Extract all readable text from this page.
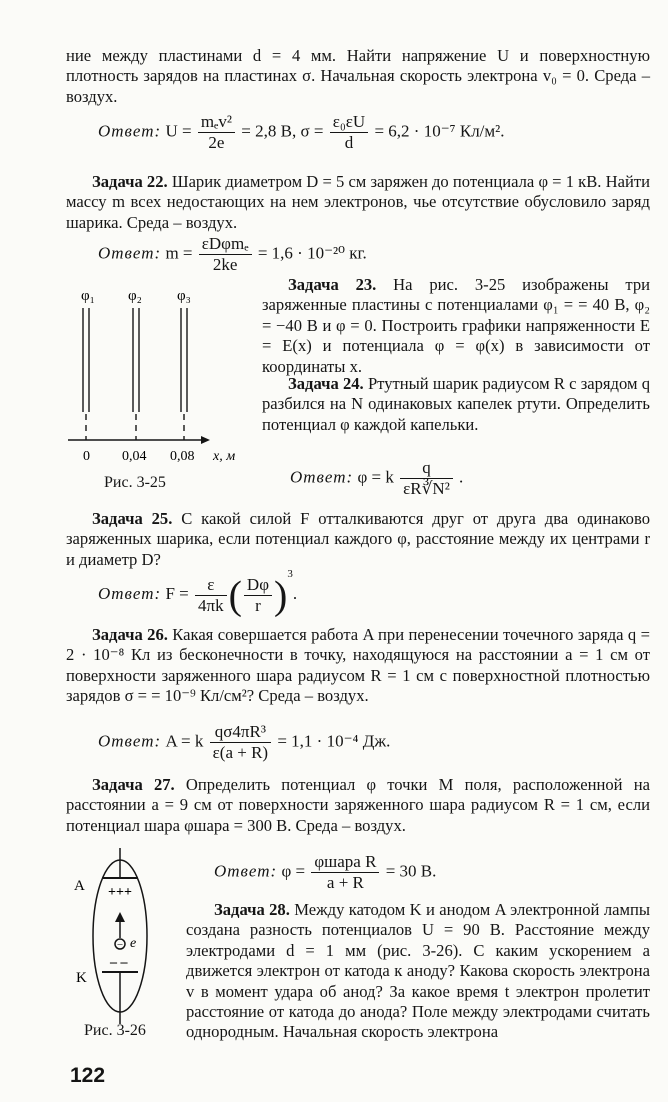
ние между пластинами d = 4 мм. Найти напряжение U и поверхностную плотность зарядов на пластинах σ. Начальная скорость электрона v₀ = 0. Среда – воздух.
Ответ: $U = \frac{\text{mₑv²}}{2e} = 2,8$ В, $\sigma = \frac{\text{ε₀εU}}{d} = 6,2 \cdot 10^{-7}$ Кл/м².
Задача 22. Шарик диаметром D = 5 см заряжен до потенциала φ = 1 кВ. Найти массу m всех недостающих на нем электронов, чье отсутствие обусловило заряд шарика. Среда – воздух.
Ответ: $m = \frac{\text{εDφmₑ}}{2ke} = 1,6 \cdot 10^{-20}$ кг.
φ₁ φ₂ φ₃
0 0,04 0,08 x, м
Рис. 3-25
Задача 23. На рис. 3-25 изображены три заряженные пластины с потенциалами φ₁ = = 40 В, φ₂ = −40 В и φ = 0. Построить графики напряженности E = E(x) и потенциала φ = φ(x) в зависимости от координаты x.
Задача 24. Ртутный шарик радиусом R с зарядом q разбился на N одинаковых капелек ртути. Определить потенциал φ каждой капельки.
Ответ: φ = k $\frac{q}{\text{εR∛N²}}$ .
Задача 25. С какой силой F отталкиваются друг от друга два одинаково заряженных шарика, если потенциал каждого φ, расстояние между их центрами r и диаметр D?
Ответ: $F = \frac{\varepsilon}{4\pi k}$ ( $\frac{D\varphi}{r} )^3$.
Задача 26. Какая совершается работа A при перенесении точечного заряда q = 2 · 10⁻⁸ Кл из бесконечности в точку, находящуюся на расстоянии a = 1 см от поверхности заряженного шара радиусом R = 1 см с поверхностной плотностью зарядов σ = = 10⁻⁹ Кл/см²? Среда – воздух.
Ответ: A = k $\frac{\text{qσ4πR³}}{\varepsilon(a + R)} = 1,1 \cdot 10^{-4}$ Дж.
Задача 27. Определить потенциал φ точки M поля, расположенной на расстоянии a = 9 см от поверхности заряженного шара радиусом R = 1 см, если потенциал шара φшара = 300 В. Среда – воздух.
Ответ: $\varphi = \frac{\text{φшара R}}{a + R} = 30$ В.
–
+++
– –
e
A
K
Рис. 3-26
Задача 28. Между катодом K и анодом A электронной лампы создана разность потенциалов U = 90 В. Расстояние между электродами d = 1 мм (рис. 3-26). С каким ускорением a движется электрон от катода к аноду? Какова скорость электрона v в момент удара об анод? За какое время t электрон пролетит расстояние от катода до анода? Поле между электродами считать однородным. Начальная скорость электрона
122
